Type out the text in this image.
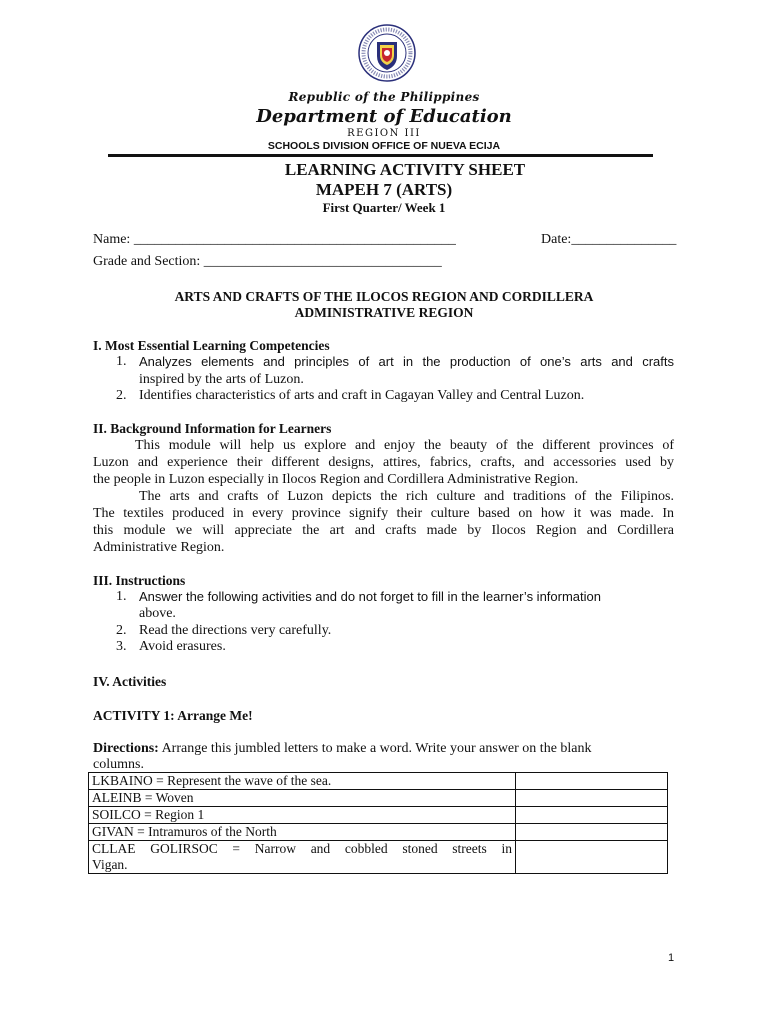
Republic of the Philippines
Department of Education
REGION III
SCHOOLS DIVISION OFFICE OF NUEVA ECIJA
LEARNING ACTIVITY SHEET
MAPEH 7 (ARTS)
First Quarter/ Week 1
Name: ______________________________________________	Date:_______________
Grade and Section: __________________________________
ARTS AND CRAFTS OF THE ILOCOS REGION AND CORDILLERA
ADMINISTRATIVE REGION
I. Most Essential Learning Competencies
1. Analyzes elements and principles of art in the production of one’s arts and crafts
inspired by the arts of Luzon.
2. Identifies characteristics of arts and craft in Cagayan Valley and Central Luzon.
II. Background Information for Learners
This module will help us explore and enjoy the beauty of the different provinces of
Luzon and experience their different designs, attires, fabrics, crafts, and accessories used by
the people in Luzon especially in Ilocos Region and Cordillera Administrative Region.
The arts and crafts of Luzon depicts the rich culture and traditions of the Filipinos.
The textiles produced in every province signify their culture based on how it was made. In
this module we will appreciate the art and crafts made by Ilocos Region and Cordillera
Administrative Region.
III. Instructions
1. Answer the following activities and do not forget to fill in the learner’s information
above.
2. Read the directions very carefully.
3. Avoid erasures.
IV. Activities
ACTIVITY 1: Arrange Me!
Directions: Arrange this jumbled letters to make a word. Write your answer on the blank
columns.
LKBAINO = Represent the wave of the sea.	
ALEINB = Woven	
SOILCO = Region 1	
GIVAN = Intramuros of the North	

CLLAE GOLIRSOC = Narrow and cobbled stoned streets in
Vigan.	

1
